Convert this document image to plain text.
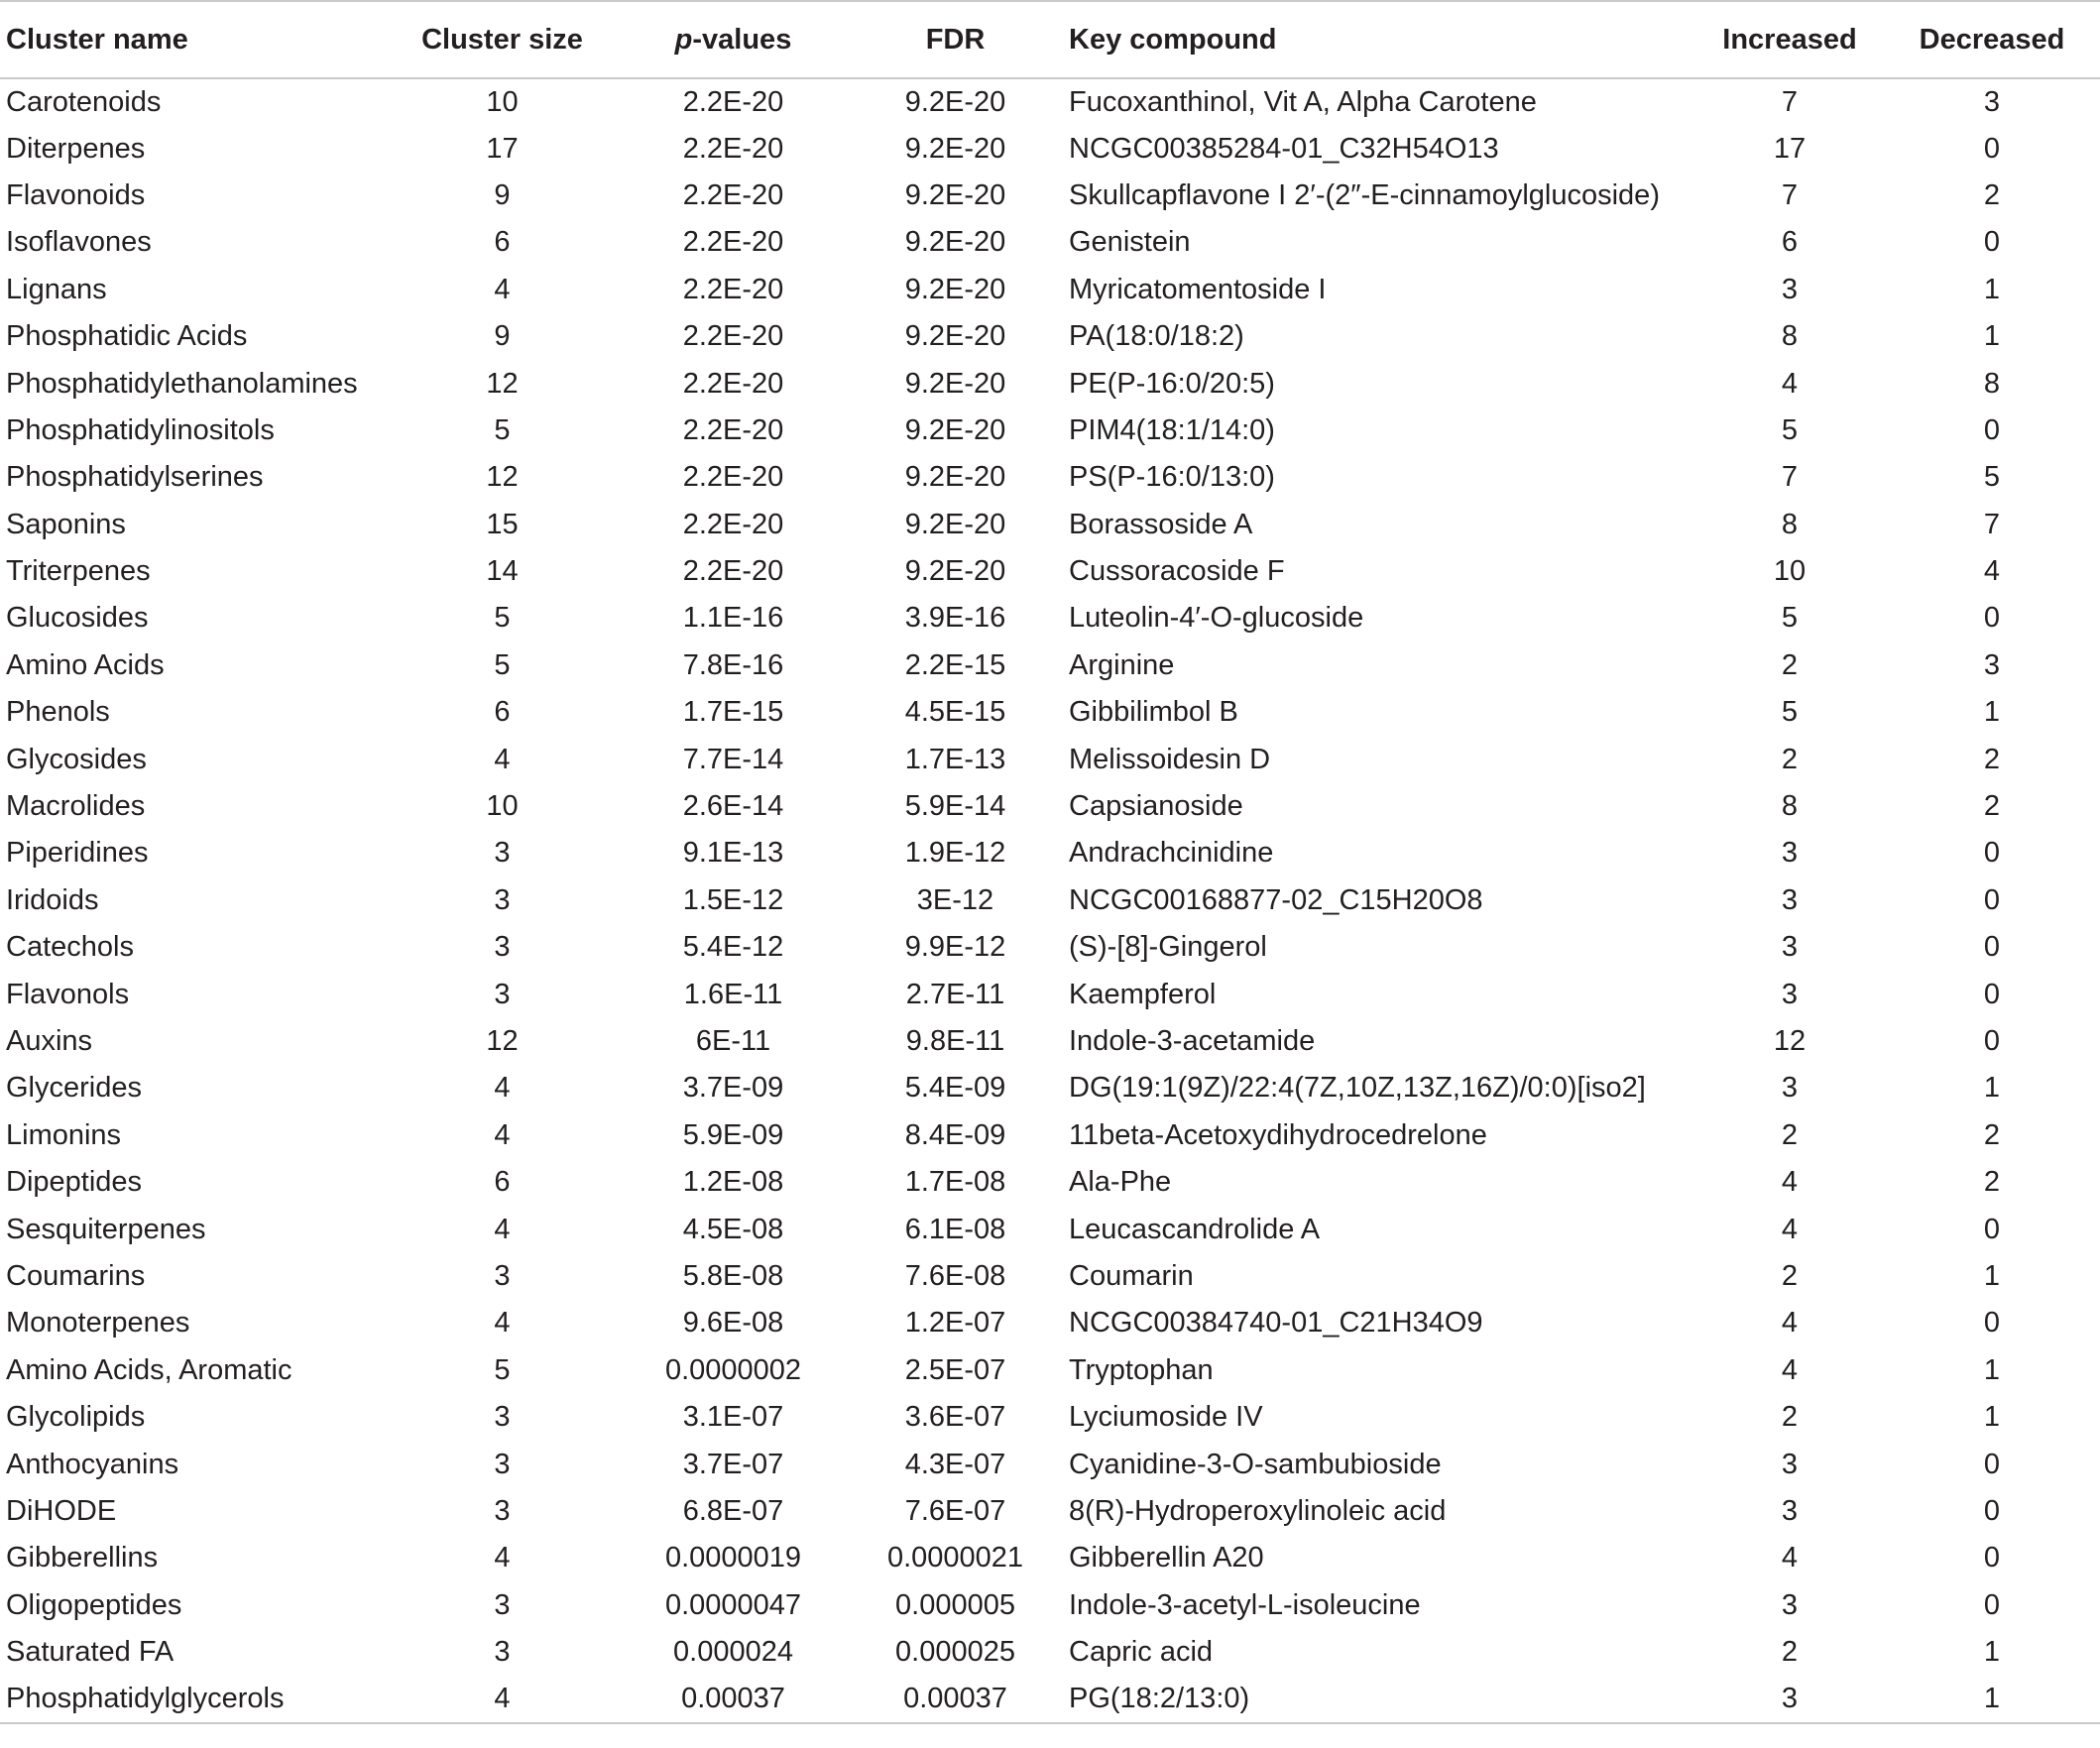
Cluster name	Cluster size	p-values	FDR	Key compound	Increased	Decreased
Carotenoids	10	2.2E-20	9.2E-20	Fucoxanthinol, Vit A, Alpha Carotene	7	3
Diterpenes	17	2.2E-20	9.2E-20	NCGC00385284-01_C32H54O13	17	0
Flavonoids	9	2.2E-20	9.2E-20	Skullcapflavone I 2′-(2″-E-cinnamoylglucoside)	7	2
Isoflavones	6	2.2E-20	9.2E-20	Genistein	6	0
Lignans	4	2.2E-20	9.2E-20	Myricatomentoside I	3	1
Phosphatidic Acids	9	2.2E-20	9.2E-20	PA(18:0/18:2)	8	1
Phosphatidylethanolamines	12	2.2E-20	9.2E-20	PE(P-16:0/20:5)	4	8
Phosphatidylinositols	5	2.2E-20	9.2E-20	PIM4(18:1/14:0)	5	0
Phosphatidylserines	12	2.2E-20	9.2E-20	PS(P-16:0/13:0)	7	5
Saponins	15	2.2E-20	9.2E-20	Borassoside A	8	7
Triterpenes	14	2.2E-20	9.2E-20	Cussoracoside F	10	4
Glucosides	5	1.1E-16	3.9E-16	Luteolin-4′-O-glucoside	5	0
Amino Acids	5	7.8E-16	2.2E-15	Arginine	2	3
Phenols	6	1.7E-15	4.5E-15	Gibbilimbol B	5	1
Glycosides	4	7.7E-14	1.7E-13	Melissoidesin D	2	2
Macrolides	10	2.6E-14	5.9E-14	Capsianoside	8	2
Piperidines	3	9.1E-13	1.9E-12	Andrachcinidine	3	0
Iridoids	3	1.5E-12	3E-12	NCGC00168877-02_C15H20O8	3	0
Catechols	3	5.4E-12	9.9E-12	(S)-[8]-Gingerol	3	0
Flavonols	3	1.6E-11	2.7E-11	Kaempferol	3	0
Auxins	12	6E-11	9.8E-11	Indole-3-acetamide	12	0
Glycerides	4	3.7E-09	5.4E-09	DG(19:1(9Z)/22:4(7Z,10Z,13Z,16Z)/0:0)[iso2]	3	1
Limonins	4	5.9E-09	8.4E-09	11beta-Acetoxydihydrocedrelone	2	2
Dipeptides	6	1.2E-08	1.7E-08	Ala-Phe	4	2
Sesquiterpenes	4	4.5E-08	6.1E-08	Leucascandrolide A	4	0
Coumarins	3	5.8E-08	7.6E-08	Coumarin	2	1
Monoterpenes	4	9.6E-08	1.2E-07	NCGC00384740-01_C21H34O9	4	0
Amino Acids, Aromatic	5	0.0000002	2.5E-07	Tryptophan	4	1
Glycolipids	3	3.1E-07	3.6E-07	Lyciumoside IV	2	1
Anthocyanins	3	3.7E-07	4.3E-07	Cyanidine-3-O-sambubioside	3	0
DiHODE	3	6.8E-07	7.6E-07	8(R)-Hydroperoxylinoleic acid	3	0
Gibberellins	4	0.0000019	0.0000021	Gibberellin A20	4	0
Oligopeptides	3	0.0000047	0.000005	Indole-3-acetyl-L-isoleucine	3	0
Saturated FA	3	0.000024	0.000025	Capric acid	2	1
Phosphatidylglycerols	4	0.00037	0.00037	PG(18:2/13:0)	3	1
